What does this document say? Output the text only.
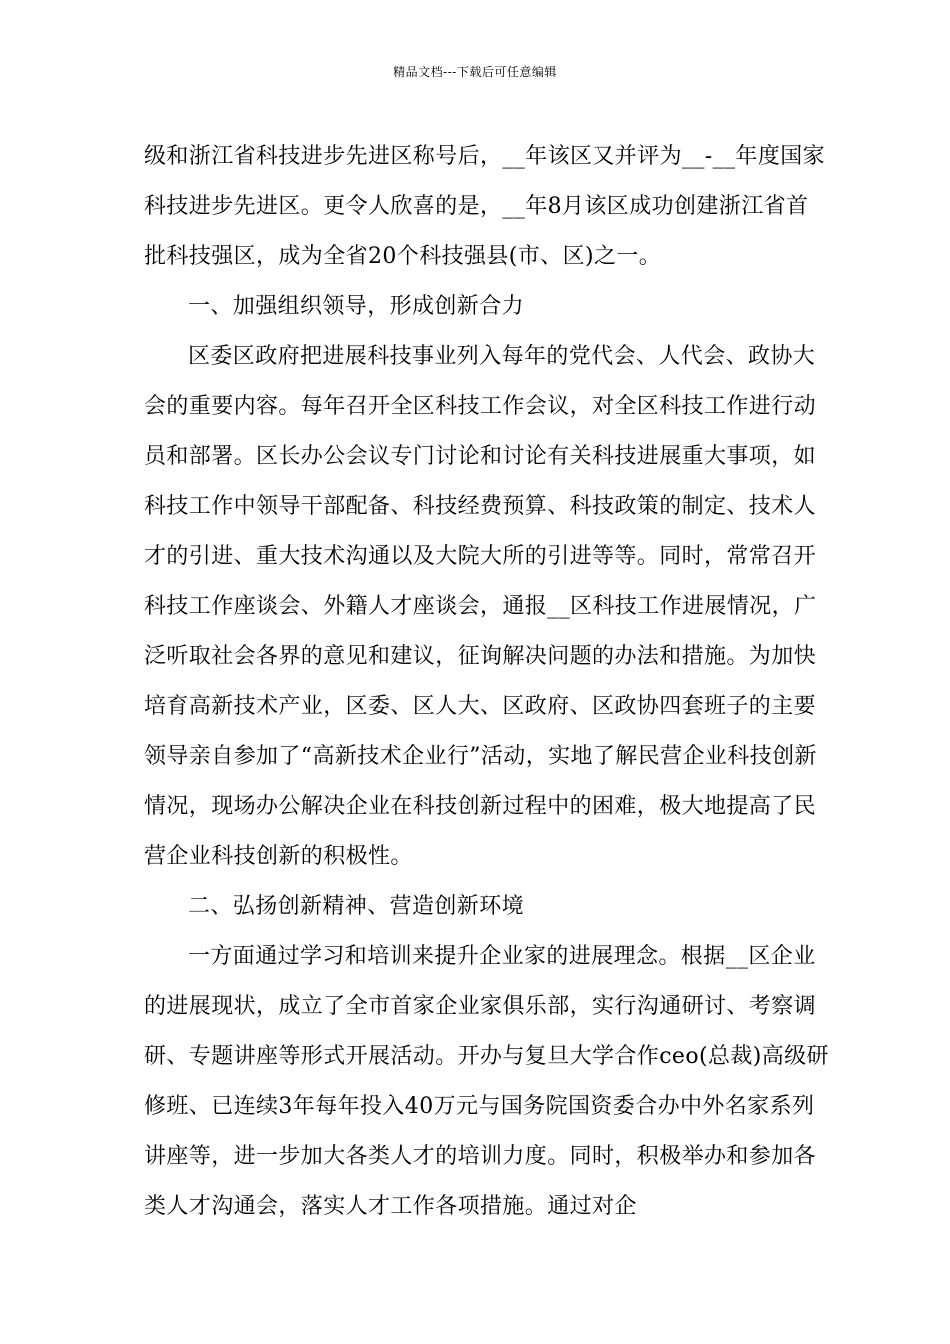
精品文档---下载后可任意编辑

级和浙江省科技进步先进区称号后，__年该区又并评为__-__年度国家科技进步先进区。更令人欣喜的是，__年8月该区成功创建浙江省首批科技强区，成为全省20个科技强县(市、区)之一。

一、加强组织领导，形成创新合力

区委区政府把进展科技事业列入每年的党代会、人代会、政协大会的重要内容。每年召开全区科技工作会议，对全区科技工作进行动员和部署。区长办公会议专门讨论和讨论有关科技进展重大事项，如科技工作中领导干部配备、科技经费预算、科技政策的制定、技术人才的引进、重大技术沟通以及大院大所的引进等等。同时，常常召开科技工作座谈会、外籍人才座谈会，通报__区科技工作进展情况，广泛听取社会各界的意见和建议，征询解决问题的办法和措施。为加快培育高新技术产业，区委、区人大、区政府、区政协四套班子的主要领导亲自参加了“高新技术企业行”活动，实地了解民营企业科技创新情况，现场办公解决企业在科技创新过程中的困难，极大地提高了民营企业科技创新的积极性。

二、弘扬创新精神、营造创新环境

一方面通过学习和培训来提升企业家的进展理念。根据__区企业的进展现状，成立了全市首家企业家俱乐部，实行沟通研讨、考察调研、专题讲座等形式开展活动。开办与复旦大学合作ceo(总裁)高级研修班、已连续3年每年投入40万元与国务院国资委合办中外名家系列讲座等，进一步加大各类人才的培训力度。同时，积极举办和参加各类人才沟通会，落实人才工作各项措施。通过对企
